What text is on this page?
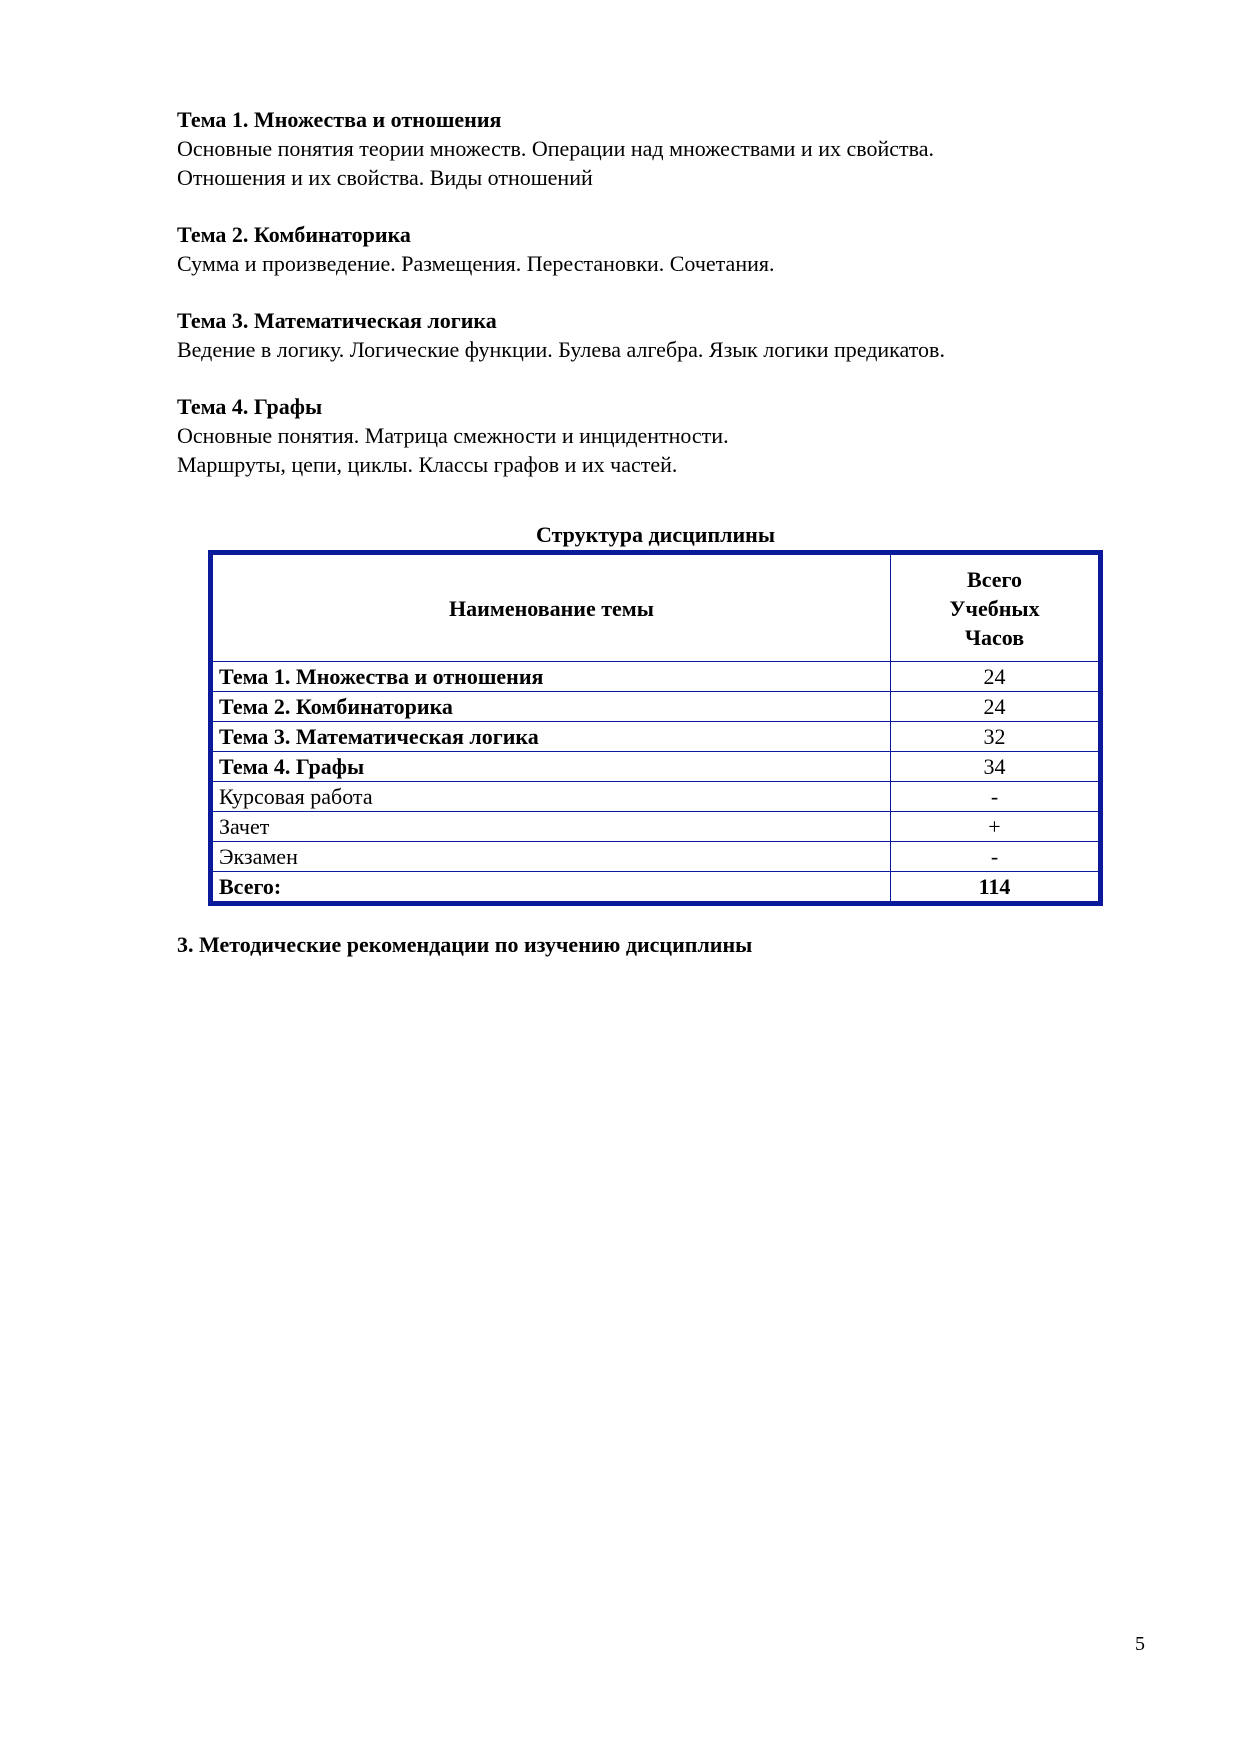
Тема 1. Множества и отношения

Основные понятия теории множеств. Операции над множествами и их свойства.

Отношения и их свойства. Виды отношений

Тема 2. Комбинаторика

Сумма и произведение. Размещения. Перестановки. Сочетания.

Тема 3. Математическая логика

Ведение в логику. Логические функции. Булева алгебра. Язык логики предикатов.

Тема 4. Графы

Основные понятия. Матрица смежности и инцидентности.

Маршруты, цепи, циклы. Классы графов и их частей.

Структура дисциплины
Наименование темы	Всего
Учебных
Часов

Тема 1. Множества и отношения	24
Тема 2. Комбинаторика	24
Тема 3. Математическая логика	32
Тема 4. Графы	34
Курсовая работа	-
Зачет	+
Экзамен	-
Всего:	114

3. Методические рекомендации по изучению дисциплины

5
